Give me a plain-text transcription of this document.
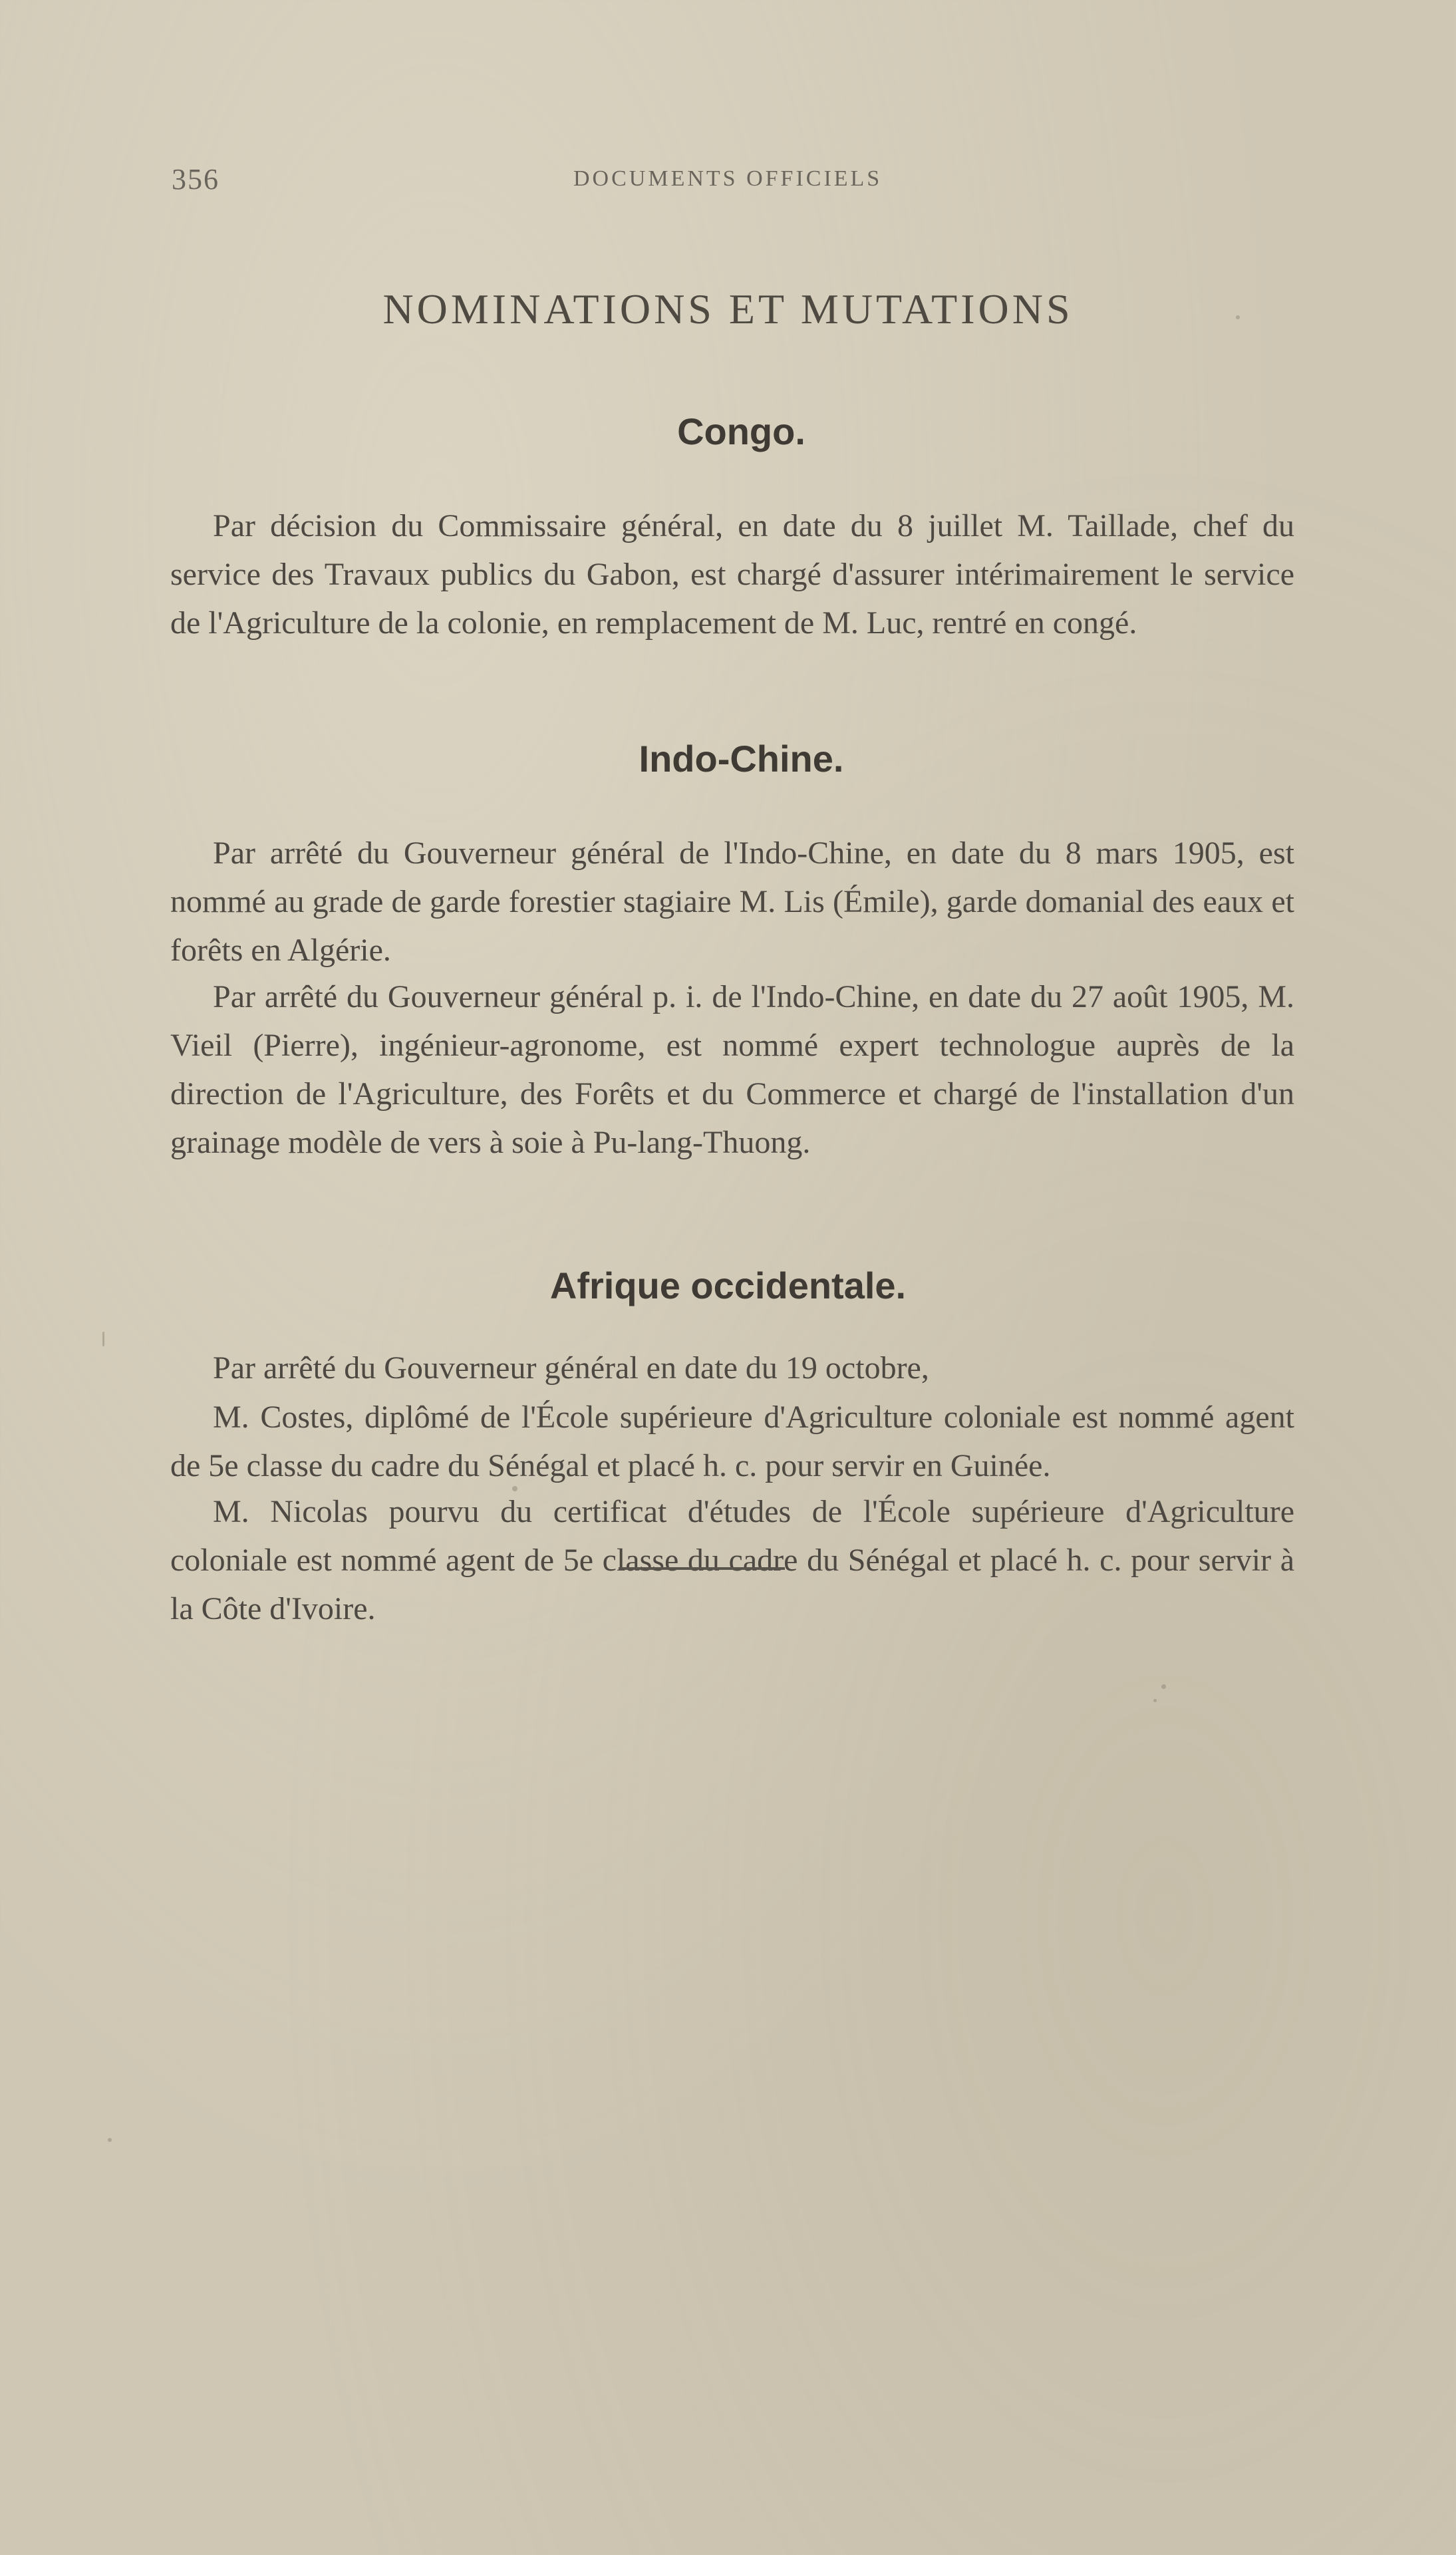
356	DOCUMENTS OFFICIELS
NOMINATIONS ET MUTATIONS
Congo.

Par décision du Commissaire général, en date du 8 juillet M. Taillade, chef du service des Travaux publics du Gabon, est chargé d'assurer intérimairement le service de l'Agriculture de la colonie, en remplacement de M. Luc, rentré en congé.

Indo-Chine.

Par arrêté du Gouverneur général de l'Indo-Chine, en date du 8 mars 1905, est nommé au grade de garde forestier stagiaire M. Lis (Émile), garde domanial des eaux et forêts en Algérie.

Par arrêté du Gouverneur général p. i. de l'Indo-Chine, en date du 27 août 1905, M. Vieil (Pierre), ingénieur-agronome, est nommé expert technologue auprès de la direction de l'Agriculture, des Forêts et du Commerce et chargé de l'installation d'un grainage modèle de vers à soie à Pu-lang-Thuong.

Afrique occidentale.

Par arrêté du Gouverneur général en date du 19 octobre,

M. Costes, diplômé de l'École supérieure d'Agriculture coloniale est nommé agent de 5e classe du cadre du Sénégal et placé h. c. pour servir en Guinée.

M. Nicolas pourvu du certificat d'études de l'École supérieure d'Agriculture coloniale est nommé agent de 5e classe du cadre du Sénégal et placé h. c. pour servir à la Côte d'Ivoire.
